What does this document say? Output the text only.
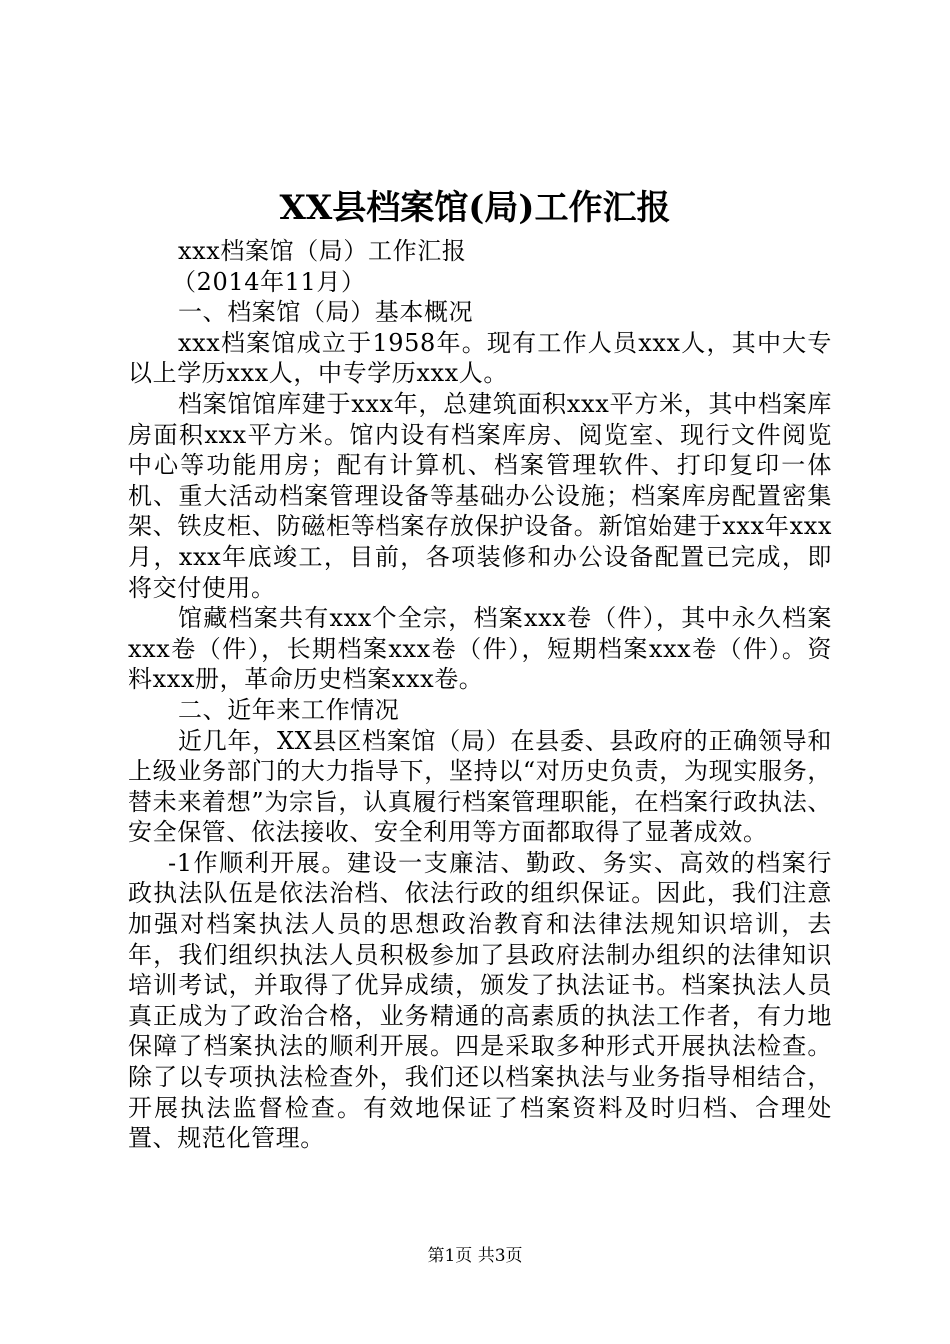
XX县档案馆(局)工作汇报

xxx档案馆（局）工作汇报

（2014年11月）

一、档案馆（局）基本概况

xxx档案馆成立于1958年。现有工作人员xxx人，其中大专以上学历xxx人，中专学历xxx人。

档案馆馆库建于xxx年，总建筑面积xxx平方米，其中档案库房面积xxx平方米。馆内设有档案库房、阅览室、现行文件阅览中心等功能用房；配有计算机、档案管理软件、打印复印一体机、重大活动档案管理设备等基础办公设施；档案库房配置密集架、铁皮柜、防磁柜等档案存放保护设备。新馆始建于xxx年xxx月，xxx年底竣工，目前，各项装修和办公设备配置已完成，即将交付使用。

馆藏档案共有xxx个全宗，档案xxx卷（件），其中永久档案xxx卷（件），长期档案xxx卷（件），短期档案xxx卷（件）。资料xxx册，革命历史档案xxx卷。

二、近年来工作情况

近几年，XX县区档案馆（局）在县委、县政府的正确领导和上级业务部门的大力指导下，坚持以“对历史负责，为现实服务，替未来着想”为宗旨，认真履行档案管理职能，在档案行政执法、安全保管、依法接收、安全利用等方面都取得了显著成效。

-1作顺利开展。建设一支廉洁、勤政、务实、高效的档案行政执法队伍是依法治档、依法行政的组织保证。因此，我们注意加强对档案执法人员的思想政治教育和法律法规知识培训，去年，我们组织执法人员积极参加了县政府法制办组织的法律知识培训考试，并取得了优异成绩，颁发了执法证书。档案执法人员真正成为了政治合格，业务精通的高素质的执法工作者，有力地保障了档案执法的顺利开展。四是采取多种形式开展执法检查。除了以专项执法检查外，我们还以档案执法与业务指导相结合，开展执法监督检查。有效地保证了档案资料及时归档、合理处置、规范化管理。

第1页 共3页
